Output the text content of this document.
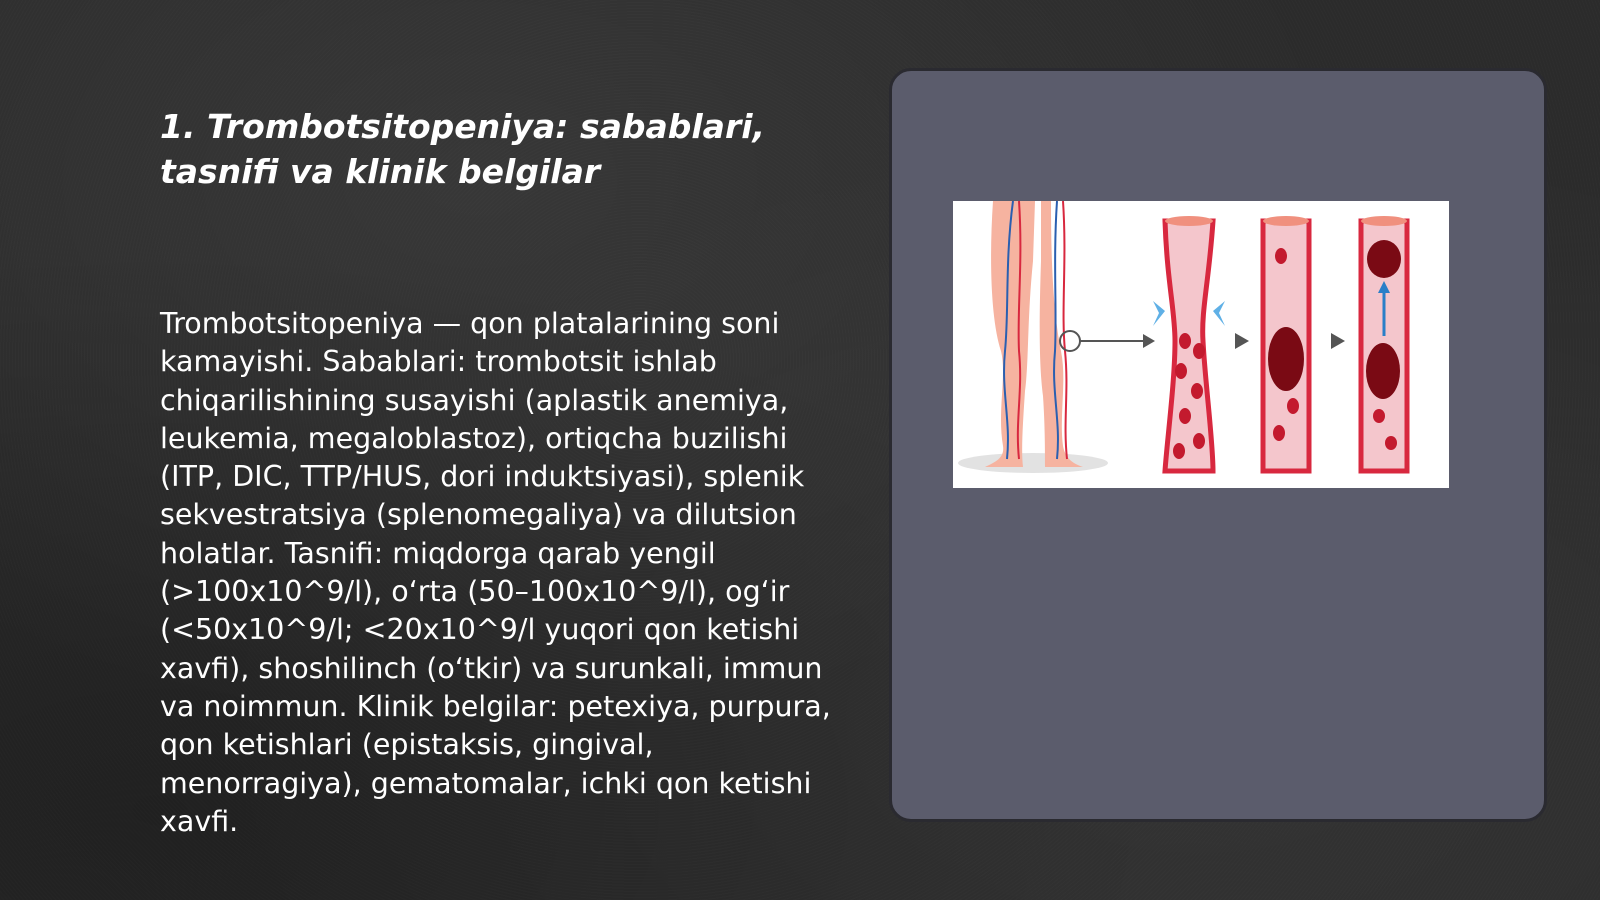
1. Trombotsitopeniya: sabablari, tasnifi va klinik belgilar

Trombotsitopeniya — qon platalarining soni kamayishi. Sabablari: trombotsit ishlab chiqarilishining susayishi (aplastik anemiya, leukemia, megaloblastoz), ortiqcha buzilishi (ITP, DIC, TTP/HUS, dori induktsiyasi), splenik sekvestratsiya (splenomegaliya) va dilutsion holatlar. Tasnifi: miqdorga qarab yengil (>100x10^9/l), oʻrta (50–100x10^9/l), ogʻir (<50x10^9/l; <20x10^9/l yuqori qon ketishi xavfi), shoshilinch (oʻtkir) va surunkali, immun va noimmun. Klinik belgilar: petexiya, purpura, qon ketishlari (epistaksis, gingival, menorragiya), gematomalar, ichki qon ketishi xavfi.
